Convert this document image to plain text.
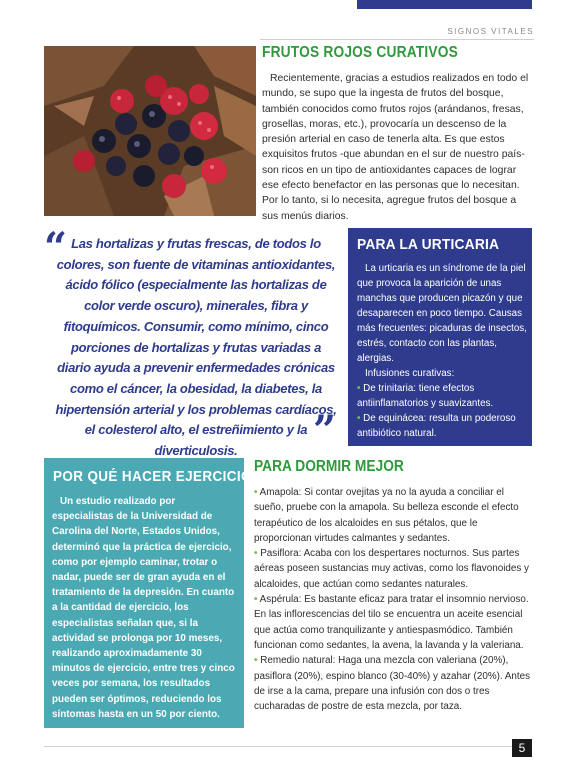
SIGNOS VITALES
FRUTOS ROJOS CURATIVOS
Recientemente, gracias a estudios realizados en todo el mundo, se supo que la ingesta de frutos del bosque, también conocidos como frutos rojos (arándanos, fresas, grosellas, moras, etc.), provocaría un descenso de la presión arterial en caso de tenerla alta. Es que estos exquisitos frutos -que abundan en el sur de nuestro país- son ricos en un tipo de antioxidantes capaces de lograr ese efecto benefactor en las personas que lo necesitan. Por lo tanto, si lo necesita, agregue frutos del bosque a sus menús diarios.
“ Las hortalizas y frutas frescas, de todos lo colores, son fuente de vitaminas antioxidantes, ácido fólico (especialmente las hortalizas de color verde oscuro), minerales, fibra y fitoquímicos. Consumir, como mínimo, cinco porciones de hortalizas y frutas variadas a diario ayuda a prevenir enfermedades crónicas como el cáncer, la obesidad, la diabetes, la hipertensión arterial y los problemas cardíacos, el colesterol alto, el estreñimiento y la diverticulosis.	”
PARA LA URTICARIA
La urticaria es un síndrome de la piel que provoca la aparición de unas manchas que producen picazón y que desaparecen en poco tiempo. Causas más frecuentes: picaduras de insectos, estrés, contacto con las plantas, alergias.
Infusiones curativas:
• De trinitaria: tiene efectos antiinflamatorios y suavizantes.
• De equinácea: resulta un poderoso antibiótico natural.
POR QUÉ HACER EJERCICIO
Un estudio realizado por especialistas de la Universidad de Carolina del Norte, Estados Unidos, determinó que la práctica de ejercicio, como por ejemplo caminar, trotar o nadar, puede ser de gran ayuda en el tratamiento de la depresión. En cuanto a la cantidad de ejercicio, los especialistas señalan que, si la actividad se prolonga por 10 meses, realizando aproximadamente 30 minutos de ejercicio, entre tres y cinco veces por semana, los resultados pueden ser óptimos, reduciendo los síntomas hasta en un 50 por ciento.
PARA DORMIR MEJOR
• Amapola: Si contar ovejitas ya no la ayuda a conciliar el sueño, pruebe con la amapola. Su belleza esconde el efecto terapéutico de los alcaloides en sus pétalos, que le proporcionan virtudes calmantes y sedantes.
• Pasiflora: Acaba con los despertares nocturnos. Sus partes aéreas poseen sustancias muy activas, como los flavonoides y alcaloides, que actúan como sedantes naturales.
• Aspérula: Es bastante eficaz para tratar el insomnio nervioso. En las inflorescencias del tilo se encuentra un aceite esencial que actúa como tranquilizante y antiespasmódico. También funcionan como sedantes, la avena, la lavanda y la valeriana.
• Remedio natural: Haga una mezcla con valeriana (20%), pasiflora (20%), espino blanco (30-40%) y azahar (20%). Antes de irse a la cama, prepare una infusión con dos o tres cucharadas de postre de esta mezcla, por taza.
5
